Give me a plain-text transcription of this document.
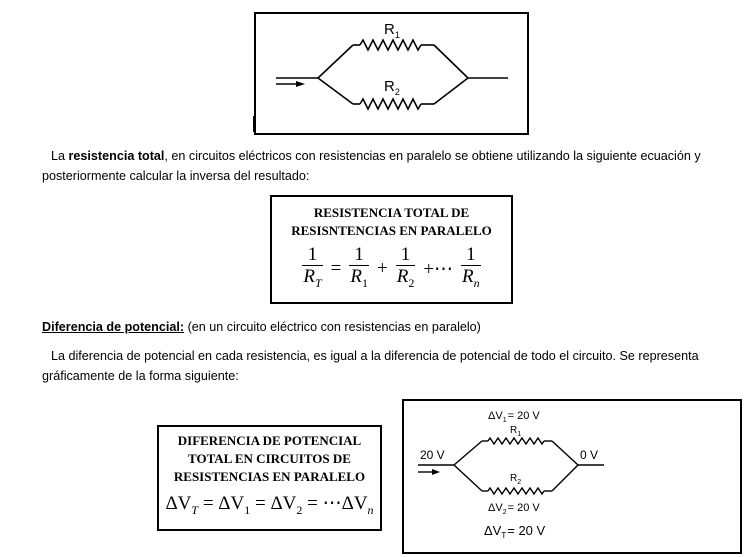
$R_1$
$R_2$

La resistencia total, en circuitos eléctricos con resistencias en paralelo se obtiene utilizando la siguiente ecuación y
posteriormente calcular la inversa del resultado:

RESISTENCIA TOTAL DE
RESISNTENCIAS EN PARALELO
$\frac{1}{R_T} = \frac{1}{R_1} + \frac{1}{R_2}$ +⋯ $\frac{1}{R_n}$

Diferencia de potencial: (en un circuito eléctrico con resistencias en paralelo)

La diferencia de potencial en cada resistencia, es igual a la diferencia de potencial de todo el circuito. Se representa
gráficamente de la forma siguiente:

DIFERENCIA DE POTENCIAL
TOTAL EN CIRCUITOS DE
RESISTENCIAS EN PARALELO
$\Delta V_T = \Delta V_1 = \Delta V_2$ = $\cdots\Delta V_n$
$\Delta V_1= 20$ V
$R_1$
$R_2$
$\Delta V_2= 20$ V
20 V	0 V
$\Delta V_T= 20$ V
